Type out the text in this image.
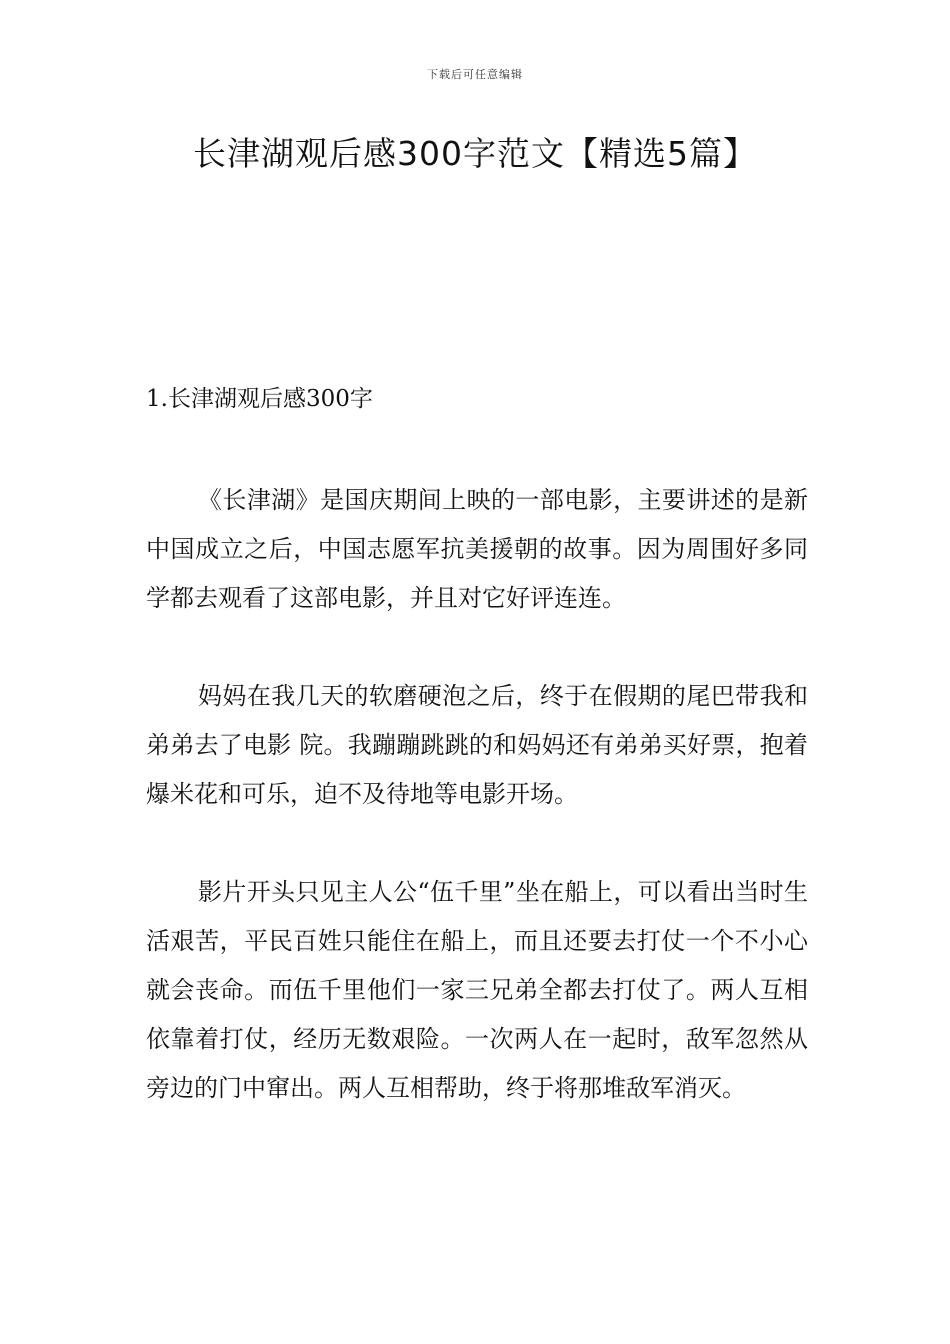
下载后可任意编辑
长津湖观后感300字范文【精选5篇】
1.长津湖观后感300字

《长津湖》是国庆期间上映的一部电影，主要讲述的是新中国成立之后，中国志愿军抗美援朝的故事。因为周围好多同学都去观看了这部电影，并且对它好评连连。

妈妈在我几天的软磨硬泡之后，终于在假期的尾巴带我和弟弟去了电影 院。我蹦蹦跳跳的和妈妈还有弟弟买好票，抱着爆米花和可乐，迫不及待地等电影开场。

影片开头只见主人公“伍千里”坐在船上，可以看出当时生活艰苦，平民百姓只能住在船上，而且还要去打仗一个不小心就会丧命。而伍千里他们一家三兄弟全都去打仗了。两人互相依靠着打仗，经历无数艰险。一次两人在一起时，敌军忽然从旁边的门中窜出。两人互相帮助，终于将那堆敌军消灭。
